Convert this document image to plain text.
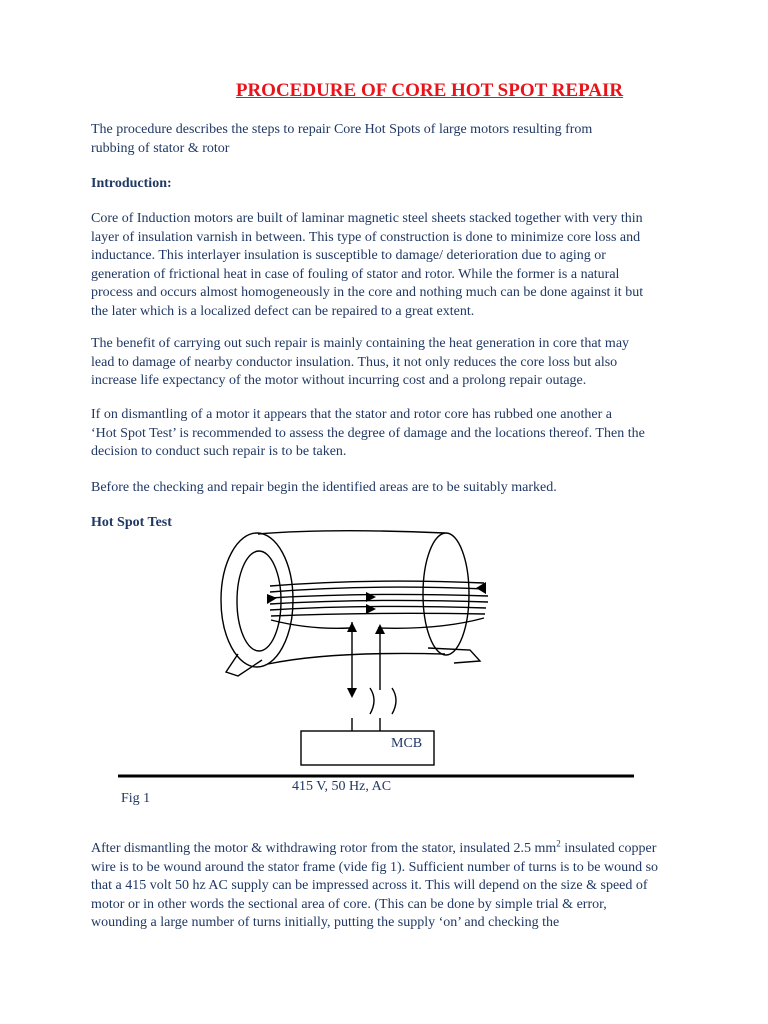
PROCEDURE OF CORE HOT SPOT REPAIR

The procedure describes the steps to repair Core Hot Spots of large motors resulting from
rubbing of stator & rotor

Introduction:

Core of Induction motors are built of laminar magnetic steel sheets stacked together with very thin
layer of insulation varnish in between. This type of construction is done to minimize core loss and
inductance. This interlayer insulation is susceptible to damage/ deterioration due to aging or
generation of frictional heat in case of fouling of stator and rotor. While the former is a natural
process and occurs almost homogeneously in the core and nothing much can be done against it but
the later which is a localized defect can be repaired to a great extent.

The benefit of carrying out such repair is mainly containing the heat generation in core that may
lead to damage of nearby conductor insulation. Thus, it not only reduces the core loss but also
increase life expectancy of the motor without incurring cost and a prolong repair outage.

If on dismantling of a motor it appears that the stator and rotor core has rubbed one another a
‘Hot Spot Test’ is recommended to assess the degree of damage and the locations thereof. Then the
decision to conduct such repair is to be taken.

Before the checking and repair begin the identified areas are to be suitably marked.

Hot Spot Test
MCB
415 V, 50 Hz, AC
Fig 1

After dismantling the motor & withdrawing rotor from the stator, insulated 2.5 $mm^2$ insulated copper
wire is to be wound around the stator frame (vide fig 1). Sufficient number of turns is to be wound so
that a 415 volt 50 hz AC supply can be impressed across it. This will depend on the size & speed of
motor or in other words the sectional area of core. (This can be done by simple trial & error,
wounding a large number of turns initially, putting the supply ‘on’ and checking the
